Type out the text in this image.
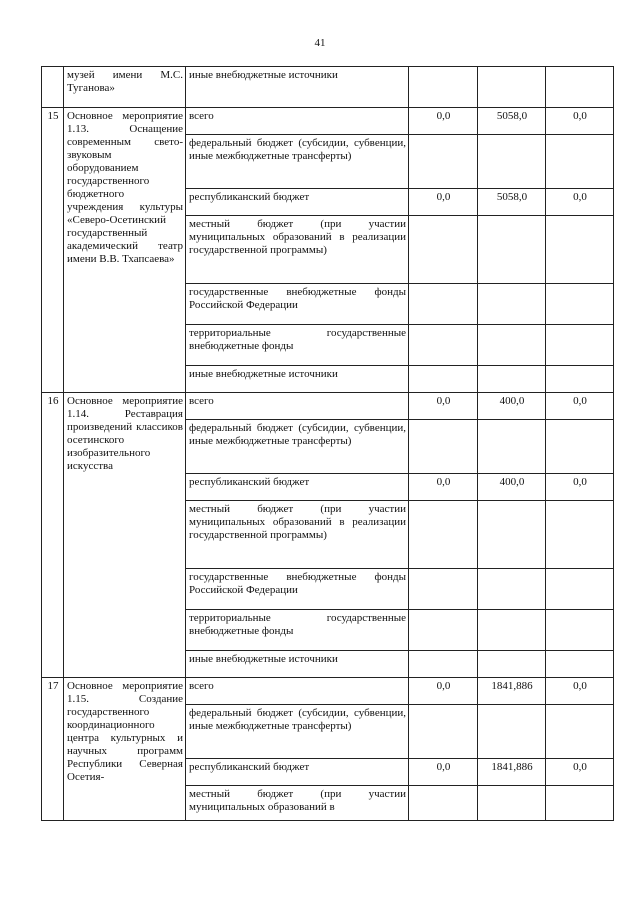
41
	музей имени М.С. Туганова»	иные внебюджетные источники			
15	Основное мероприятие 1.13. Оснащение современным свето-звуковым оборудованием государственного бюджетного учреждения культуры «Северо-Осетинский государственный академический театр имени В.В. Тхапсаева»	всего	0,0	5058,0	0,0
		федеральный бюджет (субсидии, субвенции, иные межбюджетные трансферты)			
		республиканский бюджет	0,0	5058,0	0,0
		местный бюджет (при участии муниципальных образований в реализации государственной программы)			
		государственные внебюджетные фонды Российской Федерации			
		территориальные государственные внебюджетные фонды			
		иные внебюджетные источники			
16	Основное мероприятие 1.14. Реставрация произведений классиков осетинского изобразительного искусства	всего	0,0	400,0	0,0
		федеральный бюджет (субсидии, субвенции, иные межбюджетные трансферты)			
		республиканский бюджет	0,0	400,0	0,0
		местный бюджет (при участии муниципальных образований в реализации государственной программы)			
		государственные внебюджетные фонды Российской Федерации			
		территориальные государственные внебюджетные фонды			
		иные внебюджетные источники			
17	Основное мероприятие 1.15. Создание государственного координационного центра культурных и научных программ Республики Северная Осетия-	всего	0,0	1841,886	0,0
		федеральный бюджет (субсидии, субвенции, иные межбюджетные трансферты)			
		республиканский бюджет	0,0	1841,886	0,0
		местный бюджет (при участии муниципальных образований в			
